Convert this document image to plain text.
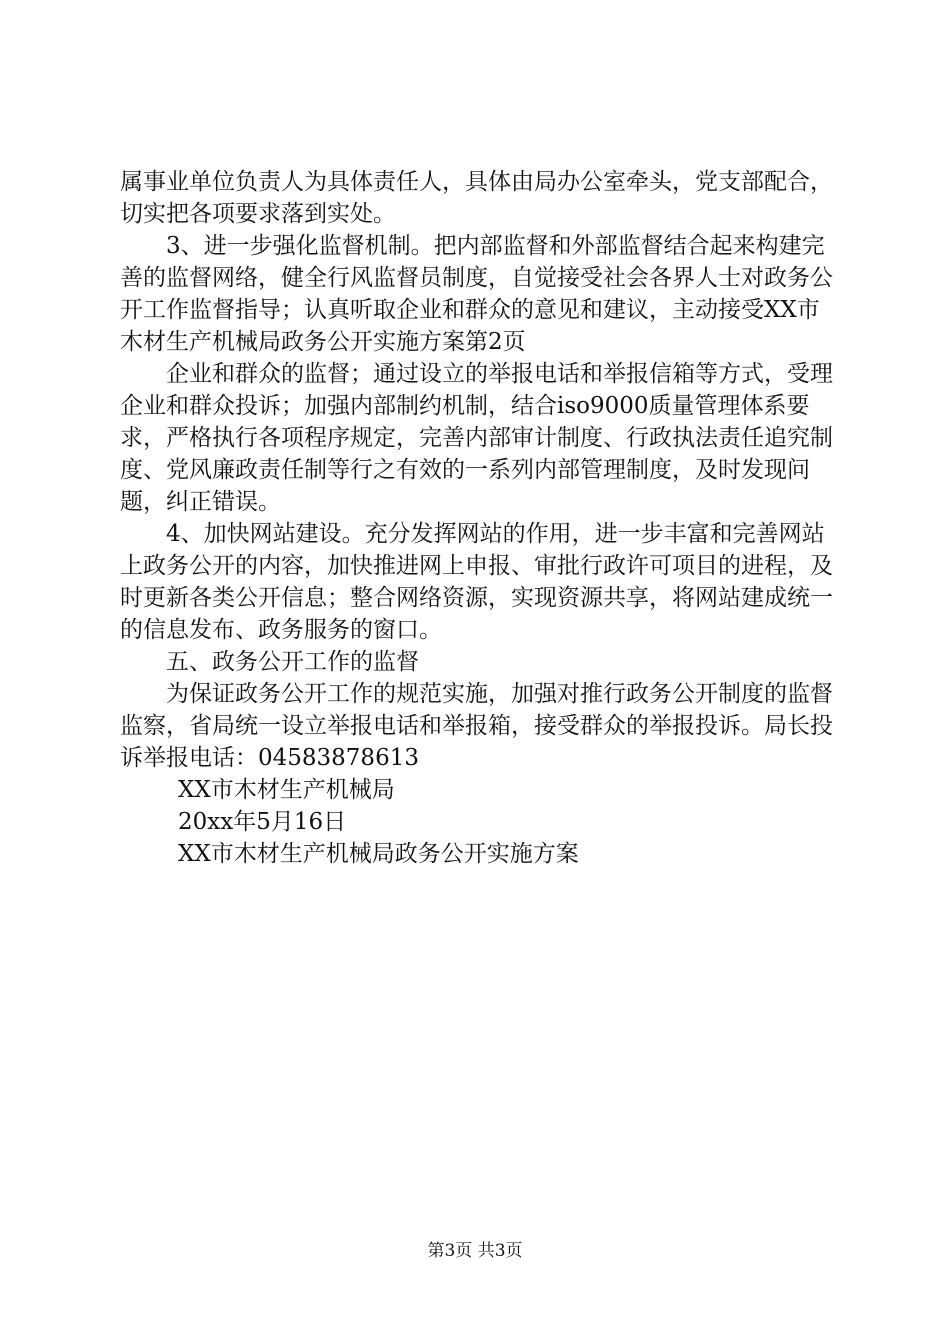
属事业单位负责人为具体责任人，具体由局办公室牵头，党支部配合，切实把各项要求落到实处。

3、进一步强化监督机制。把内部监督和外部监督结合起来构建完善的监督网络，健全行风监督员制度，自觉接受社会各界人士对政务公开工作监督指导；认真听取企业和群众的意见和建议，主动接受XX市木材生产机械局政务公开实施方案第2页

企业和群众的监督；通过设立的举报电话和举报信箱等方式，受理企业和群众投诉；加强内部制约机制，结合iso9000质量管理体系要求，严格执行各项程序规定，完善内部审计制度、行政执法责任追究制度、党风廉政责任制等行之有效的一系列内部管理制度，及时发现问题，纠正错误。

4、加快网站建设。充分发挥网站的作用，进一步丰富和完善网站上政务公开的内容，加快推进网上申报、审批行政许可项目的进程，及时更新各类公开信息；整合网络资源，实现资源共享，将网站建成统一的信息发布、政务服务的窗口。

五、政务公开工作的监督

为保证政务公开工作的规范实施，加强对推行政务公开制度的监督监察，省局统一设立举报电话和举报箱，接受群众的举报投诉。局长投诉举报电话：04583878613

XX市木材生产机械局

20xx年5月16日

XX市木材生产机械局政务公开实施方案

第3页 共3页
